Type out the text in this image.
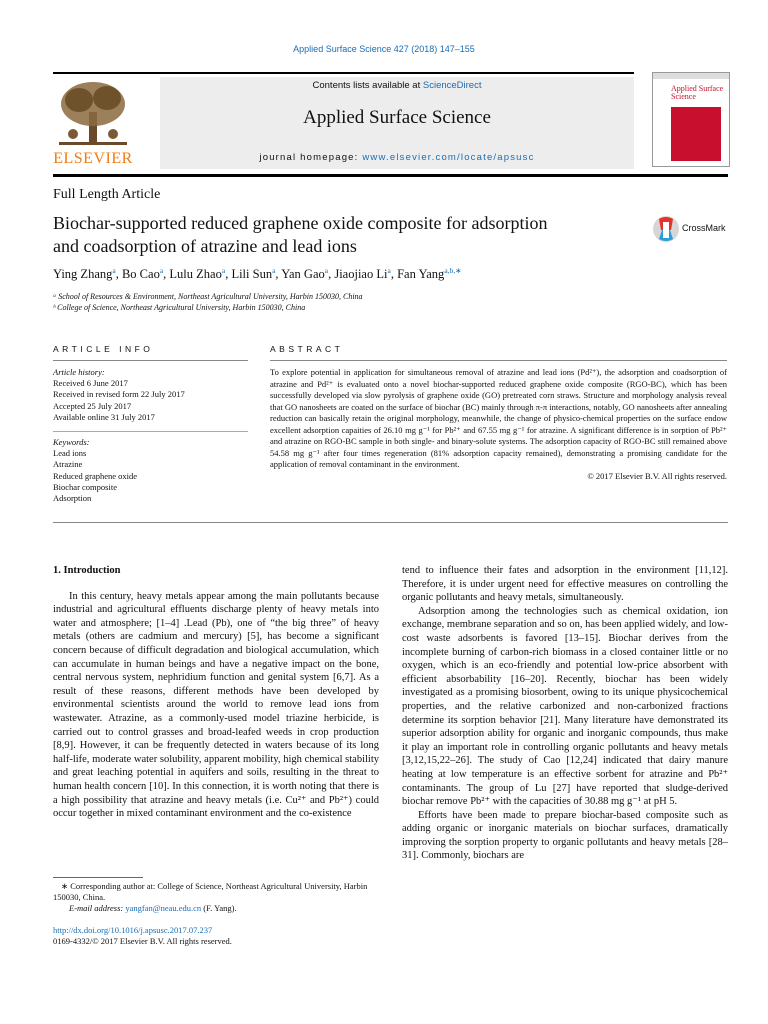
Applied Surface Science 427 (2018) 147–155
ELSEVIER
Contents lists available at ScienceDirect
Applied Surface Science
journal homepage: www.elsevier.com/locate/apsusc
Applied Surface Science
Full Length Article
Biochar-supported reduced graphene oxide composite for adsorption
and coadsorption of atrazine and lead ions
CrossMark
Ying Zhang$^a$, Bo Cao$^a$, Lulu Zhao$^a$, Lili Sun$^a$, Yan Gao$^a$, Jiaojiao Li$^a$, Fan Yang$^{a,b,∗}$
ᵃ School of Resources & Environment, Northeast Agricultural University, Harbin 150030, China
ᵇ College of Science, Northeast Agricultural University, Harbin 150030, China
ARTICLE INFO
Article history:
Received 6 June 2017
Received in revised form 22 July 2017
Accepted 25 July 2017
Available online 31 July 2017
Keywords:
Lead ions
Atrazine
Reduced graphene oxide
Biochar composite
Adsorption
ABSTRACT

To explore potential in application for simultaneous removal of atrazine and lead ions (Pd²⁺), the adsorption and coadsorption of atrazine and Pd²⁺ is evaluated onto a novel biochar-supported reduced graphene oxide composite (RGO-BC), which has been successfully developed via slow pyrolysis of graphene oxide (GO) pretreated corn straws. Structure and morphology analysis reveal that GO nanosheets are coated on the surface of biochar (BC) mainly through π-π interactions, notably, GO nanosheets after annealing reduction can basically retain the original morphology, meanwhile, the change of physico-chemical properties on the surface endow excellent adsorption capaities of 26.10 mg g⁻¹ for Pb²⁺ and 67.55 mg g⁻¹ for atrazine. A significant difference is in sorption of Pb²⁺ and atrazine on RGO-BC sample in both single- and binary-solute systems. The adsorption capacity of RGO-BC still remained above 54.58 mg g⁻¹ after four times regeneration (81% adsorption capacity remained), demonstrating a promising candidate for the application of removal contaminant in the environment.

© 2017 Elsevier B.V. All rights reserved.

1. Introduction

In this century, heavy metals appear among the main pollutants because industrial and agricultural effluents discharge plenty of heavy metals into water and atmosphere; [1–4] .Lead (Pb), one of “the big three” of heavy metals (others are cadmium and mercury) [5], has become a significant concern because of difficult degradation and biological accumulation, which can accumulate in human beings and have a negative impact on the bone, central nervous system, nephridium function and genital system [6,7]. As a result of these reasons, different methods have been developed by environmental scientists around the world to remove lead ions from wastewater. Atrazine, as a commonly-used model triazine herbicide, is carried out to control grasses and broad-leafed weeds in crop production [8,9]. However, it can be frequently detected in waters because of its long half-life, moderate water solubility, apparent mobility, high chemical stability and great leaching potential in aquifers and soils, resulting in the threat to human health concern [10]. In this connection, it is worth noting that there is a high possibility that atrazine and heavy metals (i.e. Cu²⁺ and Pb²⁺) could occur together in mixed contaminant environment and the co-existence

tend to influence their fates and adsorption in the environment [11,12]. Therefore, it is under urgent need for effective measures on controlling the organic pollutants and heavy metals, simultaneously.

Adsorption among the technologies such as chemical oxidation, ion exchange, membrane separation and so on, has been applied widely, and low-cost waste adsorbents is favored [13–15]. Biochar derives from the incomplete burning of carbon-rich biomass in a closed container little or no oxygen, which is an eco-friendly and potential low-price absorbent with efficient absorbability [16–20]. Recently, biochar has been widely investigated as a promising biosorbent, owing to its unique physicochemical properties, and the relative carbonized and non-carbonized fractions determine its sorption behavior [21]. Many literature have demonstrated its superior adsorption ability for organic and inorganic compounds, thus make it play an important role in controlling organic pollutants and heavy metals [3,12,15,22–26]. The study of Cao [12,24] indicated that dairy manure heating at low temperature is an effective sorbent for atrazine and Pb²⁺ contaminants. The group of Lu [27] have reported that sludge-derived biochar remove Pb²⁺ with the capacities of 30.88 mg g⁻¹ at pH 5.

Efforts have been made to prepare biochar-based composite such as adding organic or inorganic materials on biochar surfaces, dramatically improving the sorption property to organic pollutants and heavy metals [28–31]. Commonly, biochars are

∗ Corresponding author at: College of Science, Northeast Agricultural University, Harbin 150030, China.
E-mail address: yangfan@neau.edu.cn (F. Yang).
http://dx.doi.org/10.1016/j.apsusc.2017.07.237
0169-4332/© 2017 Elsevier B.V. All rights reserved.
